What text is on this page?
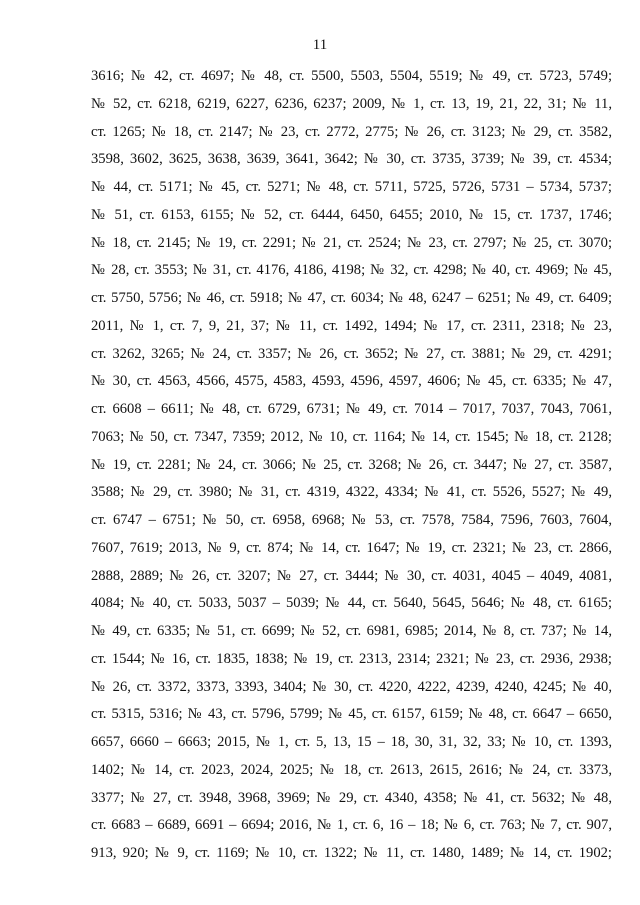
11
3616; № 42, ст. 4697; № 48, ст. 5500, 5503, 5504, 5519; № 49, ст. 5723, 5749;
№ 52, ст. 6218, 6219, 6227, 6236, 6237; 2009, № 1, ст. 13, 19, 21, 22, 31; № 11,
ст. 1265; № 18, ст. 2147; № 23, ст. 2772, 2775; № 26, ст. 3123; № 29, ст. 3582,
3598, 3602, 3625, 3638, 3639, 3641, 3642; № 30, ст. 3735, 3739; № 39, ст. 4534;
№ 44, ст. 5171; № 45, ст. 5271; № 48, ст. 5711, 5725, 5726, 5731 – 5734, 5737;
№ 51, ст. 6153, 6155; № 52, ст. 6444, 6450, 6455; 2010, № 15, ст. 1737, 1746;
№ 18, ст. 2145; № 19, ст. 2291; № 21, ст. 2524; № 23, ст. 2797; № 25, ст. 3070;
№ 28, ст. 3553; № 31, ст. 4176, 4186, 4198; № 32, ст. 4298; № 40, ст. 4969; № 45,
ст. 5750, 5756; № 46, ст. 5918; № 47, ст. 6034; № 48, 6247 – 6251; № 49, ст. 6409;
2011, № 1, ст. 7, 9, 21, 37; № 11, ст. 1492, 1494; № 17, ст. 2311, 2318; № 23,
ст. 3262, 3265; № 24, ст. 3357; № 26, ст. 3652; № 27, ст. 3881; № 29, ст. 4291;
№ 30, ст. 4563, 4566, 4575, 4583, 4593, 4596, 4597, 4606; № 45, ст. 6335; № 47,
ст. 6608 – 6611; № 48, ст. 6729, 6731; № 49, ст. 7014 – 7017, 7037, 7043, 7061,
7063; № 50, ст. 7347, 7359; 2012, № 10, ст. 1164; № 14, ст. 1545; № 18, ст. 2128;
№ 19, ст. 2281; № 24, ст. 3066; № 25, ст. 3268; № 26, ст. 3447; № 27, ст. 3587,
3588; № 29, ст. 3980; № 31, ст. 4319, 4322, 4334; № 41, ст. 5526, 5527; № 49,
ст. 6747 – 6751; № 50, ст. 6958, 6968; № 53, ст. 7578, 7584, 7596, 7603, 7604,
7607, 7619; 2013, № 9, ст. 874; № 14, ст. 1647; № 19, ст. 2321; № 23, ст. 2866,
2888, 2889; № 26, ст. 3207; № 27, ст. 3444; № 30, ст. 4031, 4045 – 4049, 4081,
4084; № 40, ст. 5033, 5037 – 5039; № 44, ст. 5640, 5645, 5646; № 48, ст. 6165;
№ 49, ст. 6335; № 51, ст. 6699; № 52, ст. 6981, 6985; 2014, № 8, ст. 737; № 14,
ст. 1544; № 16, ст. 1835, 1838; № 19, ст. 2313, 2314; 2321; № 23, ст. 2936, 2938;
№ 26, ст. 3372, 3373, 3393, 3404; № 30, ст. 4220, 4222, 4239, 4240, 4245; № 40,
ст. 5315, 5316; № 43, ст. 5796, 5799; № 45, ст. 6157, 6159; № 48, ст. 6647 – 6650,
6657, 6660 – 6663; 2015, № 1, ст. 5, 13, 15 – 18, 30, 31, 32, 33; № 10, ст. 1393,
1402; № 14, ст. 2023, 2024, 2025; № 18, ст. 2613, 2615, 2616; № 24, ст. 3373,
3377; № 27, ст. 3948, 3968, 3969; № 29, ст. 4340, 4358; № 41, ст. 5632; № 48,
ст. 6683 – 6689, 6691 – 6694; 2016, № 1, ст. 6, 16 – 18; № 6, ст. 763; № 7, ст. 907,
913, 920; № 9, ст. 1169; № 10, ст. 1322; № 11, ст. 1480, 1489; № 14, ст. 1902;
